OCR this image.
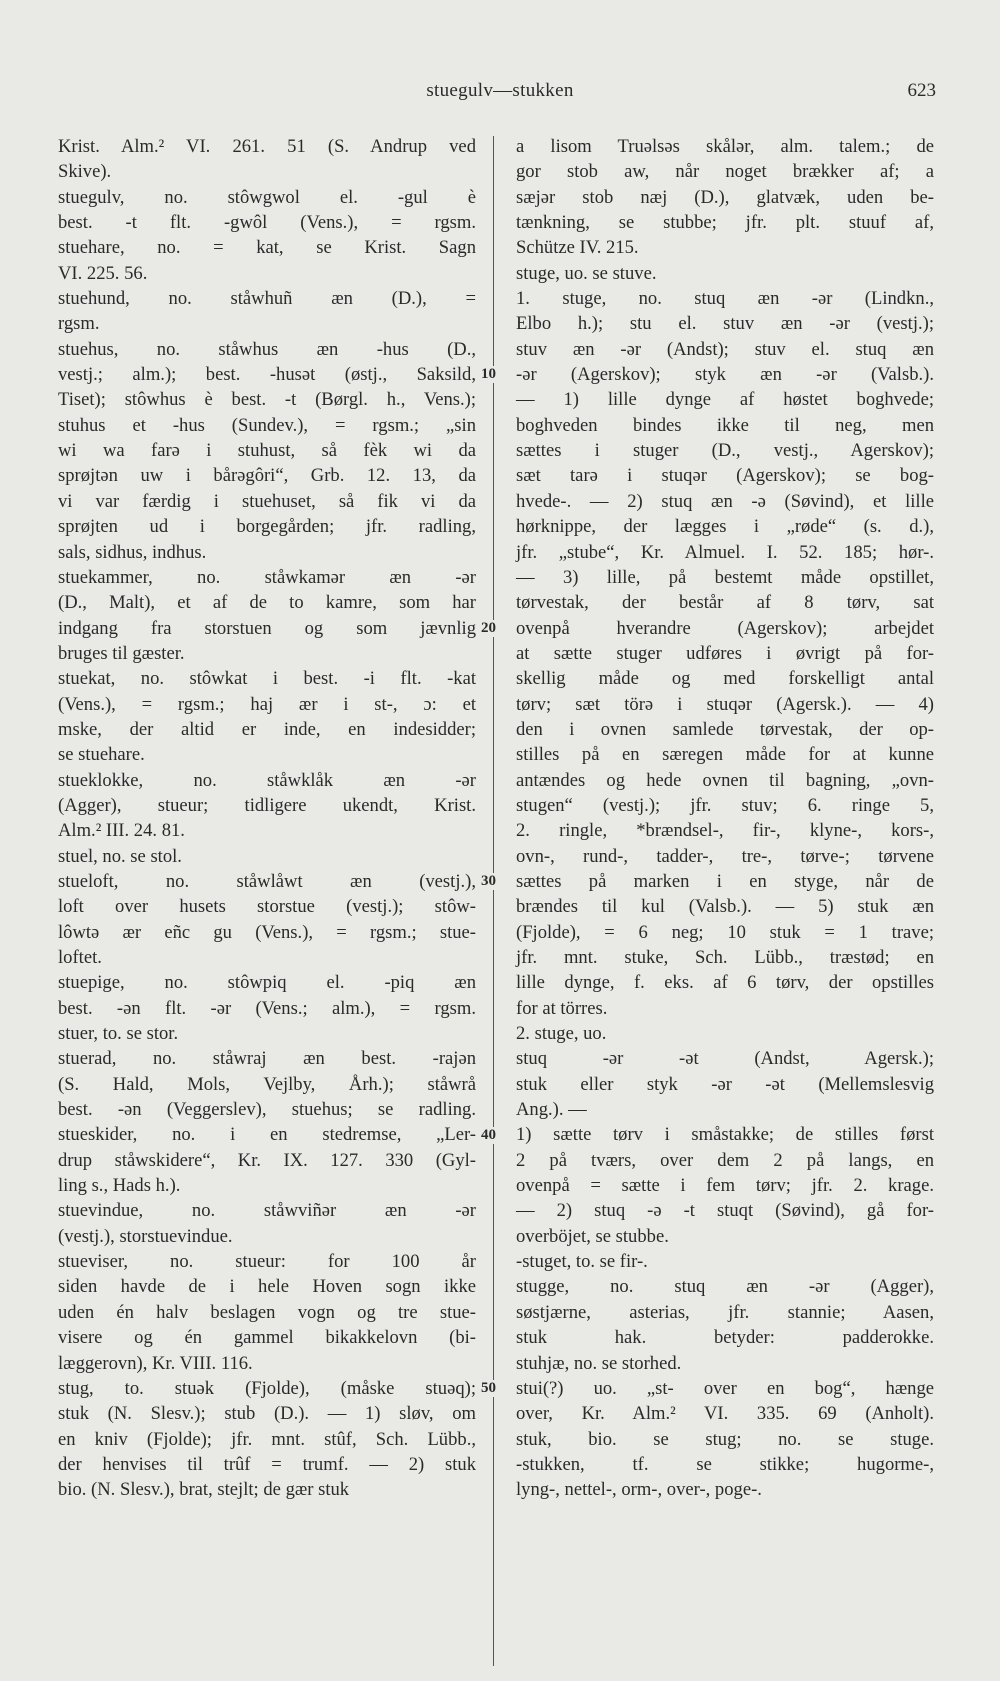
stuegulv—stukken	623
Krist. Alm.² VI. 261. 51 (S. Andrup ved
Skive).
stuegulv, no. stôwgwol el. -gul è
best. -t flt. -gwôl (Vens.), = rgsm.
stuehare, no. = kat, se Krist. Sagn
VI. 225. 56.
stuehund, no. ståwhuñ æn (D.), =
rgsm.
stuehus, no. ståwhus æn -hus (D.,
vestj.; alm.); best. -husət (østj., Saksild,
Tiset); stôwhus è best. -t (Børgl. h., Vens.);
stuhus et -hus (Sundev.), = rgsm.; „sin
wi wa farə i stuhust, så fèk wi da
sprøjtən uw i bårəgôri“, Grb. 12. 13, da
vi var færdig i stuehuset, så fik vi da
sprøjten ud i borgegården; jfr. radling,
sals, sidhus, indhus.
stuekammer, no. ståwkamər æn -ər
(D., Malt), et af de to kamre, som har
indgang fra storstuen og som jævnlig
bruges til gæster.
stuekat, no. stôwkat i best. -i flt. -kat
(Vens.), = rgsm.; haj ær i st-, ɔ: et
mske, der altid er inde, en indesidder;
se stuehare.
stueklokke, no. ståwklåk æn -ər
(Agger), stueur; tidligere ukendt, Krist.
Alm.² III. 24. 81.
stuel, no. se stol.
stueloft, no. ståwlåwt æn (vestj.),
loft over husets storstue (vestj.); stôw-
lôwtə ær eñc gu (Vens.), = rgsm.; stue-
loftet.
stuepige, no. stôwpiq el. -piq æn
best. -ən flt. -ər (Vens.; alm.), = rgsm.
stuer, to. se stor.
stuerad, no. ståwraj æn best. -rajən
(S. Hald, Mols, Vejlby, Årh.); ståwrå
best. -ən (Veggerslev), stuehus; se radling.
stueskider, no. i en stedremse, „Ler-
drup ståwskidere“, Kr. IX. 127. 330 (Gyl-
ling s., Hads h.).
stuevindue, no. ståwviñər æn -ər
(vestj.), storstuevindue.
stueviser, no. stueur: for 100 år
siden havde de i hele Hoven sogn ikke
uden én halv beslagen vogn og tre stue-
visere og én gammel bikakkelovn (bi-
læggerovn), Kr. VIII. 116.
stug, to. stuək (Fjolde), (måske stuəq);
stuk (N. Slesv.); stub (D.). — 1) sløv, om
en kniv (Fjolde); jfr. mnt. stûf, Sch. Lübb.,
der henvises til trûf = trumf. — 2) stuk
bio. (N. Slesv.), brat, stejlt; de gær stuk
a lisom Truəlsəs skålər, alm. talem.; de
gor stob aw, når noget brækker af; a
sæjər stob næj (D.), glatvæk, uden be-
tænkning, se stubbe; jfr. plt. stuuf af,
Schütze IV. 215.
stuge, uo. se stuve.
1. stuge, no. stuq æn -ər (Lindkn.,
Elbo h.); stu el. stuv æn -ər (vestj.);
stuv æn -ər (Andst); stuv el. stuq æn
-ər (Agerskov); styk æn -ər (Valsb.).
— 1) lille dynge af høstet boghvede;
boghveden bindes ikke til neg, men
sættes i stuger (D., vestj., Agerskov);
sæt tarə i stuqər (Agerskov); se bog-
hvede-. — 2) stuq æn -ə (Søvind), et lille
hørknippe, der lægges i „røde“ (s. d.),
jfr. „stube“, Kr. Almuel. I. 52. 185; hør-.
— 3) lille, på bestemt måde opstillet,
tørvestak, der består af 8 tørv, sat
ovenpå hverandre (Agerskov); arbejdet
at sætte stuger udføres i øvrigt på for-
skellig måde og med forskelligt antal
tørv; sæt törə i stuqər (Agersk.). — 4)
den i ovnen samlede tørvestak, der op-
stilles på en særegen måde for at kunne
antændes og hede ovnen til bagning, „ovn-
stugen“ (vestj.); jfr. stuv; 6. ringe 5,
2. ringle, *brændsel-, fir-, klyne-, kors-,
ovn-, rund-, tadder-, tre-, tørve-; tørvene
sættes på marken i en styge, når de
brændes til kul (Valsb.). — 5) stuk æn
(Fjolde), = 6 neg; 10 stuk = 1 trave;
jfr. mnt. stuke, Sch. Lübb., træstød; en
lille dynge, f. eks. af 6 tørv, der opstilles
for at törres.
2. stuge, uo.
stuq -ər -ət (Andst, Agersk.);
stuk eller styk -ər -ət (Mellemslesvig
Ang.). —
1) sætte tørv i småstakke; de stilles først
2 på tværs, over dem 2 på langs, en
ovenpå = sætte i fem tørv; jfr. 2. krage.
— 2) stuq -ə -t stuqt (Søvind), gå for-
overböjet, se stubbe.
-stuget, to. se fir-.
stugge, no. stuq æn -ər (Agger),
søstjærne, asterias, jfr. stannie; Aasen,
stuk hak. betyder: padderokke.
stuhjæ, no. se storhed.
stui(?) uo. „st- over en bog“, hænge
over, Kr. Alm.² VI. 335. 69 (Anholt).
stuk, bio. se stug; no. se stuge.
-stukken, tf. se stikke; hugorme-,
lyng-, nettel-, orm-, over-, poge-.
10
20
30
40
50
